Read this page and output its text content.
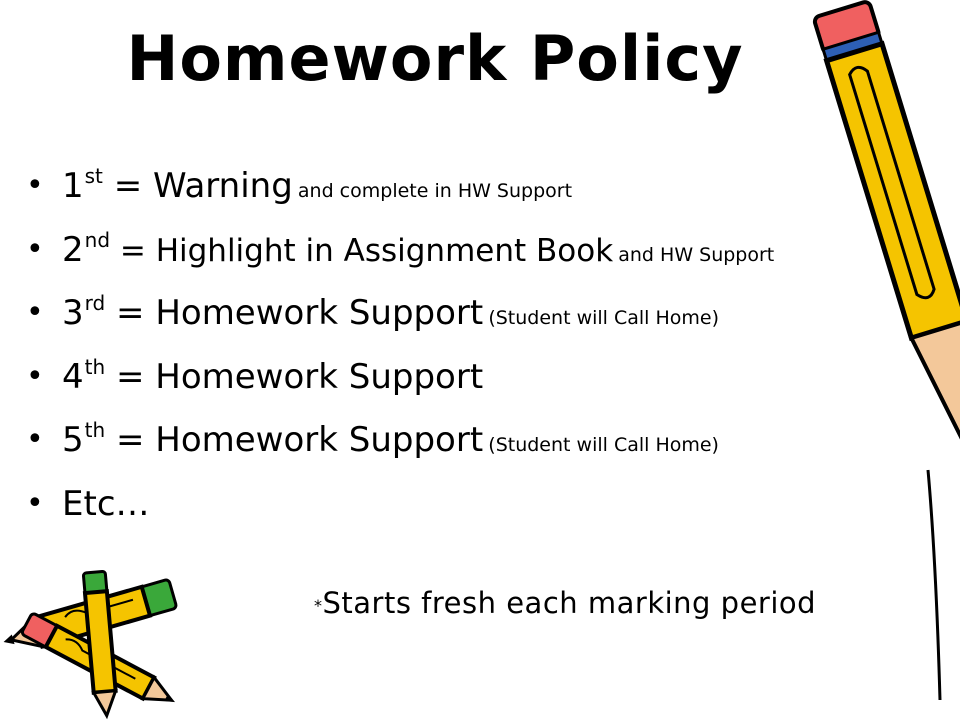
Homework Policy
• 1st = Warning and complete in HW Support
• 2nd = Highlight in Assignment Book and HW Support
• 3rd = Homework Support (Student will Call Home)
• 4th = Homework Support
• 5th = Homework Support (Student will Call Home)
• Etc…
*Starts fresh each marking period
